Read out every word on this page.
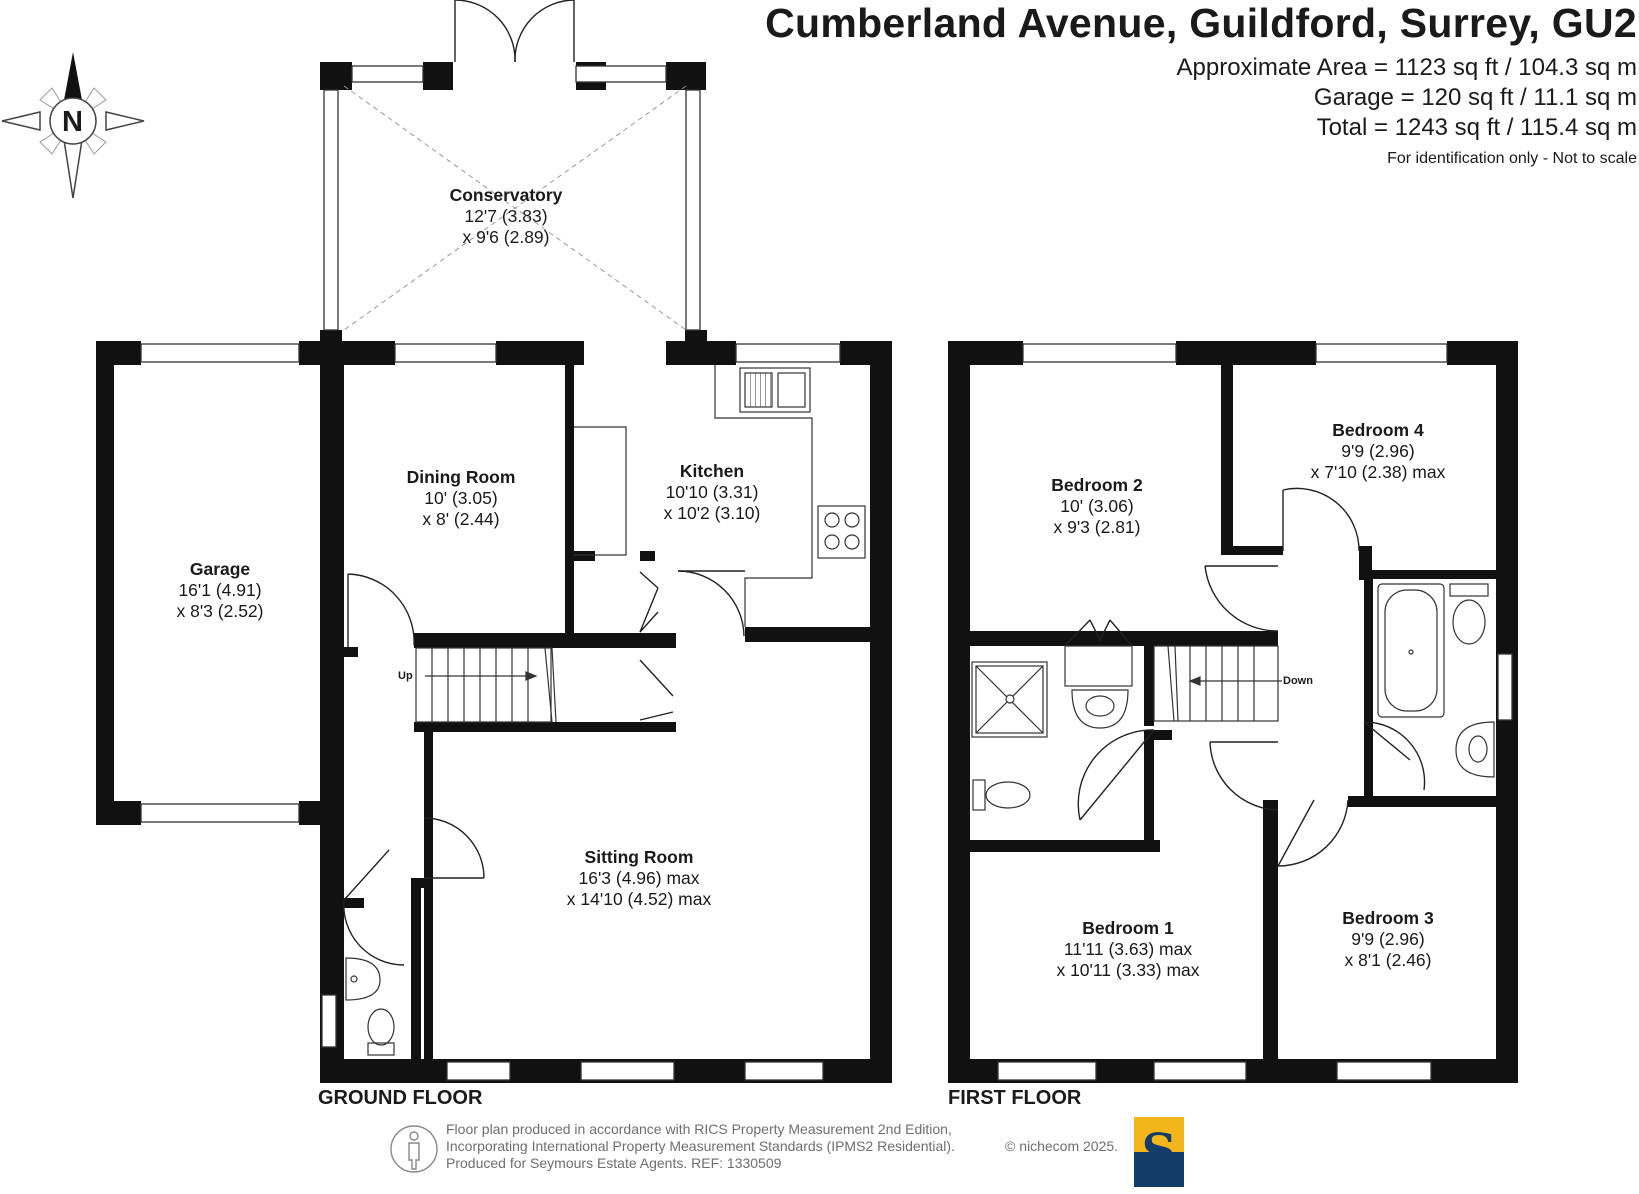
Cumberland Avenue, Guildford, Surrey, GU2
Approximate Area = 1123 sq ft / 104.3 sq m
Garage = 120 sq ft / 11.1 sq m
Total = 1243 sq ft / 115.4 sq m
For identification only - Not to scale
N
Conservatory
12'7 (3.83)
x 9'6 (2.89)
Dining Room
10' (3.05)
x 8' (2.44)
Kitchen
10'10 (3.31)
x 10'2 (3.10)
Garage
16'1 (4.91)
x 8'3 (2.52)
Sitting Room
16'3 (4.96) max
x 14'10 (4.52) max
Up
GROUND FLOOR
Bedroom 2
10' (3.06)
x 9'3 (2.81)
Bedroom 4
9'9 (2.96)
x 7'10 (2.38) max
Bedroom 1
11'11 (3.63) max
x 10'11 (3.33) max
Bedroom 3
9'9 (2.96)
x 8'1 (2.46)
Down
FIRST FLOOR
Floor plan produced in accordance with RICS Property Measurement 2nd Edition,
Incorporating International Property Measurement Standards (IPMS2 Residential).
Produced for Seymours Estate Agents. REF: 1330509
© nichecom 2025. S
